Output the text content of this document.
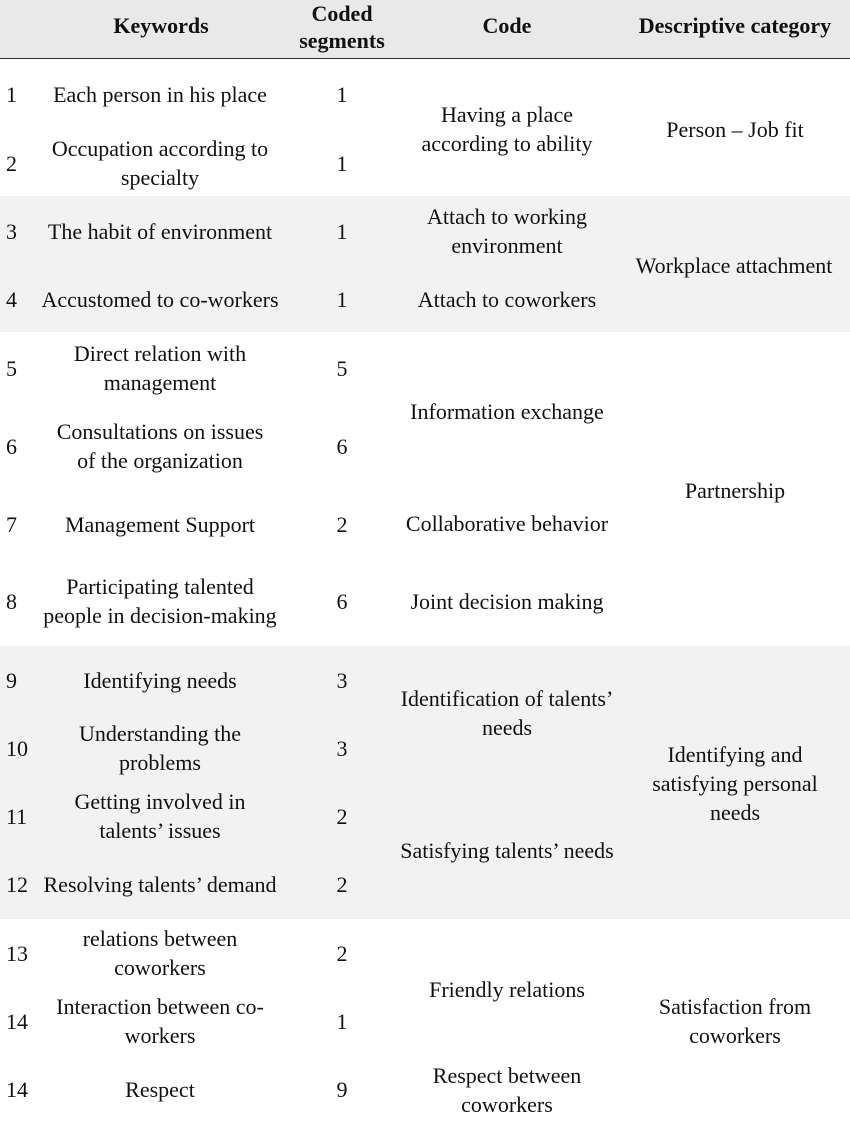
Keywords	Coded segments
Code	Descriptive category
1
2
3
4
5
6
7
8
9
10
11
12
13
14
14
Each person in his place
Occupation according to specialty
The habit of environment
Accustomed to co-workers
Direct relation with management
Consultations on issues of the organization
Management Support
Participating talented people in decision-making
Identifying needs
Understanding the problems
Getting involved in talents’ issues
Resolving talents’ demand
relations between coworkers
Interaction between co- workers
Respect
1
1
1
1
5
6
2
6
3
3
2
2
2
1
9
Having a place according to ability
Attach to working environment
Attach to coworkers
Information exchange
Collaborative behavior
Joint decision making
Identification of talents’ needs
Satisfying talents’ needs
Friendly relations
Respect between coworkers
Person – Job fit
Workplace attachment
Partnership
Identifying and satisfying personal needs
Satisfaction from coworkers
